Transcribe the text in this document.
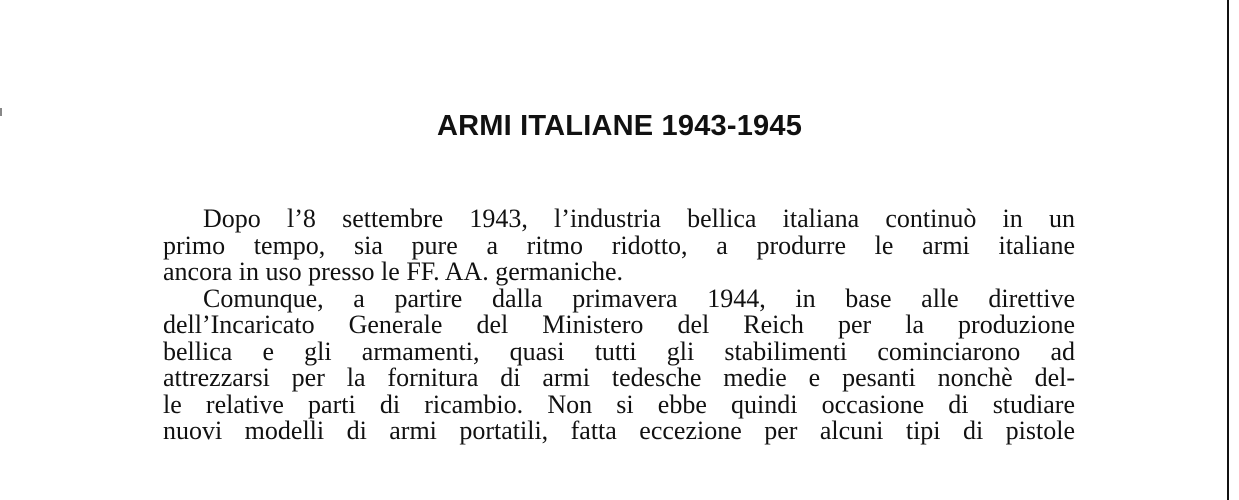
ARMI ITALIANE 1943-1945
Dopo l’8 settembre 1943, l’industria bellica italiana continuò in un
primo tempo, sia pure a ritmo ridotto, a produrre le armi italiane
ancora in uso presso le FF. AA. germaniche.
Comunque, a partire dalla primavera 1944, in base alle direttive
dell’Incaricato Generale del Ministero del Reich per la produzione
bellica e gli armamenti, quasi tutti gli stabilimenti cominciarono ad
attrezzarsi per la fornitura di armi tedesche medie e pesanti nonchè del-
le relative parti di ricambio. Non si ebbe quindi occasione di studiare
nuovi modelli di armi portatili, fatta eccezione per alcuni tipi di pistole
